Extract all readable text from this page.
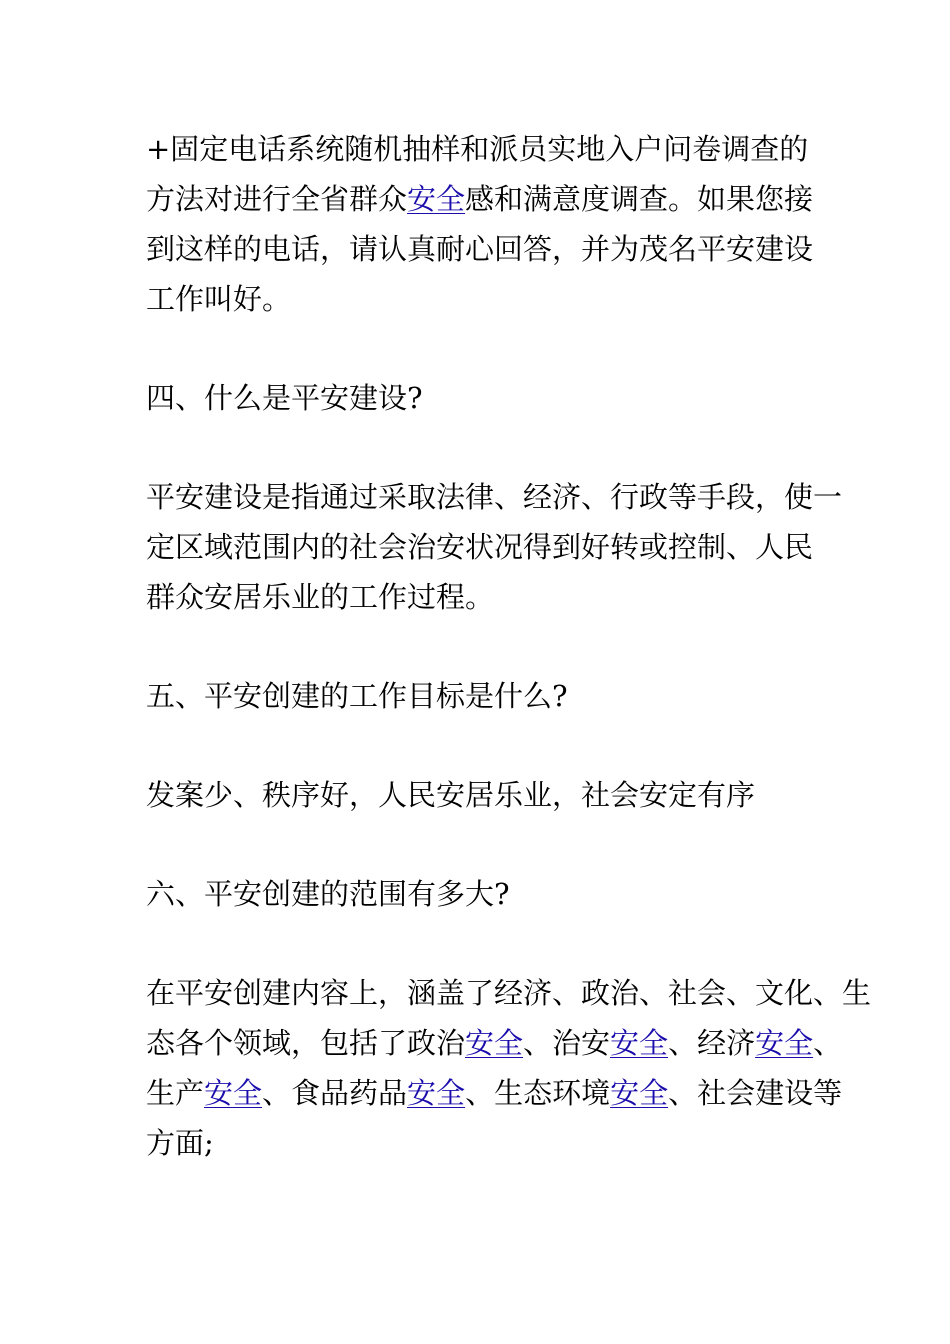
+固定电话系统随机抽样和派员实地入户问卷调查的
方法对进行全省群众安全感和满意度调查。如果您接
到这样的电话，请认真耐心回答，并为茂名平安建设
工作叫好。
四、什么是平安建设?
平安建设是指通过采取法律、经济、行政等手段，使一
定区域范围内的社会治安状况得到好转或控制、人民
群众安居乐业的工作过程。
五、平安创建的工作目标是什么?
发案少、秩序好，人民安居乐业，社会安定有序
六、平安创建的范围有多大?
在平安创建内容上，涵盖了经济、政治、社会、文化、生
态各个领域，包括了政治安全、治安安全、经济安全、
生产安全、食品药品安全、生态环境安全、社会建设等
方面;
